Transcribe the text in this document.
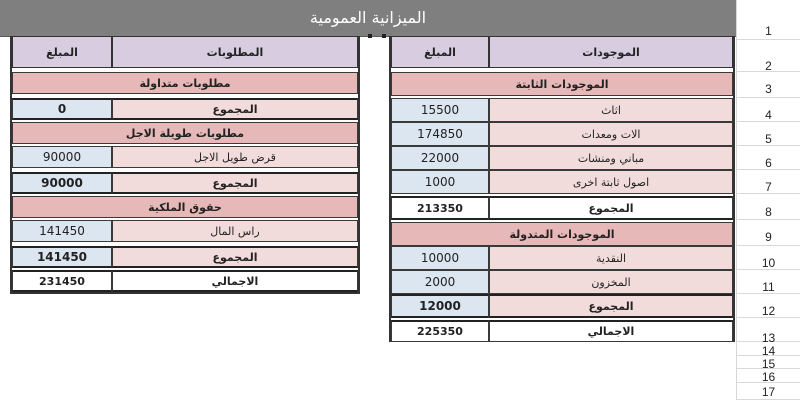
الميزانية العمومية
1
2
3
4
5
6
7
8
9
10
11
12
13
14
15
16
17
المبلغ	المطلوبات
مطلوبات متداولة
0	المجموع
مطلوبات طويلة الاجل
90000	قرض طويل الاجل
90000	المجموع
حقوق الملكية
141450	راس المال
141450	المجموع
231450	الاجمالي
المبلغ	الموجودات
الموجودات الثابتة
15500	اثاث
174850	الات ومعدات
22000	مباني ومنشات
1000	اصول ثابتة اخرى
213350	المجموع
الموجودات المتدولة
10000	النقدية
2000	المخزون
12000	المجموع
225350	الاجمالي
